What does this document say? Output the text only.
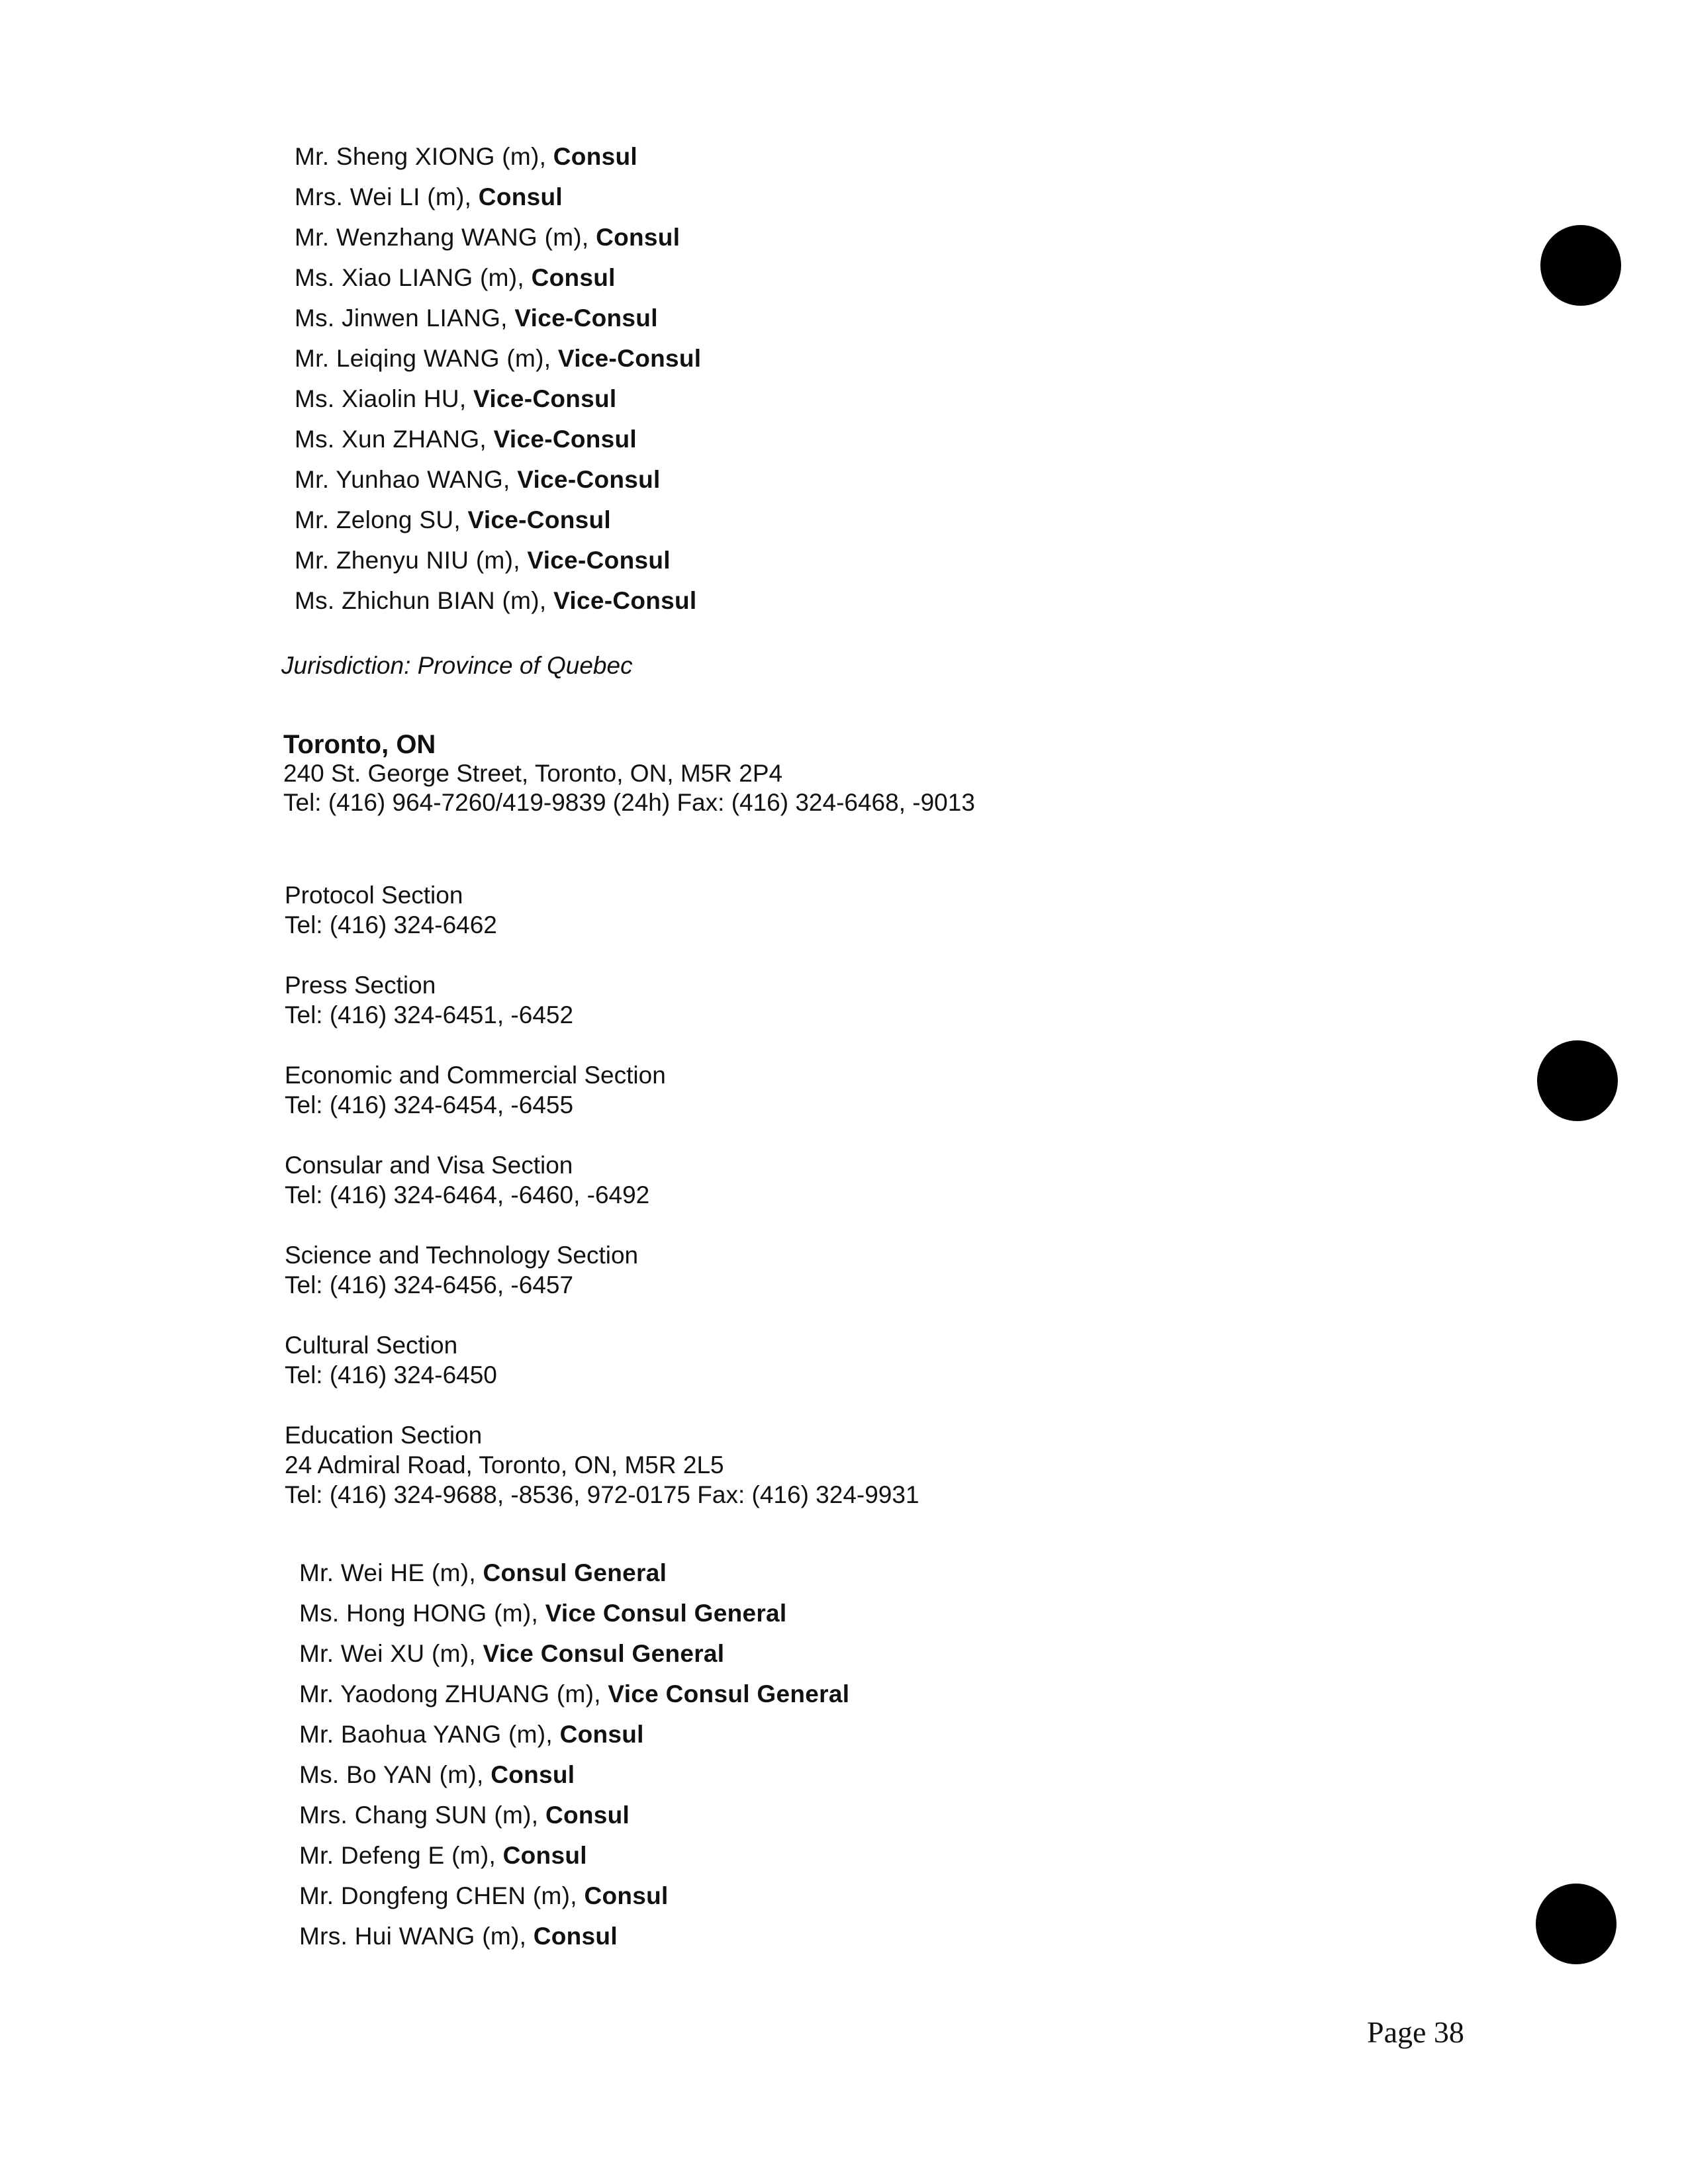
Mr. Sheng XIONG (m), Consul
Mrs. Wei LI (m), Consul
Mr. Wenzhang WANG (m), Consul
Ms. Xiao LIANG (m), Consul
Ms. Jinwen LIANG, Vice-Consul
Mr. Leiqing WANG (m), Vice-Consul
Ms. Xiaolin HU, Vice-Consul
Ms. Xun ZHANG, Vice-Consul
Mr. Yunhao WANG, Vice-Consul
Mr. Zelong SU, Vice-Consul
Mr. Zhenyu NIU (m), Vice-Consul
Ms. Zhichun BIAN (m), Vice-Consul
Jurisdiction: Province of Quebec
Toronto, ON
240 St. George Street, Toronto, ON, M5R 2P4
Tel: (416) 964-7260/419-9839 (24h) Fax: (416) 324-6468, -9013
Protocol Section
Tel: (416) 324-6462
Press Section
Tel: (416) 324-6451, -6452
Economic and Commercial Section
Tel: (416) 324-6454, -6455
Consular and Visa Section
Tel: (416) 324-6464, -6460, -6492
Science and Technology Section
Tel: (416) 324-6456, -6457
Cultural Section
Tel: (416) 324-6450
Education Section
24 Admiral Road, Toronto, ON, M5R 2L5
Tel: (416) 324-9688, -8536, 972-0175 Fax: (416) 324-9931
Mr. Wei HE (m), Consul General
Ms. Hong HONG (m), Vice Consul General
Mr. Wei XU (m), Vice Consul General
Mr. Yaodong ZHUANG (m), Vice Consul General
Mr. Baohua YANG (m), Consul
Ms. Bo YAN (m), Consul
Mrs. Chang SUN (m), Consul
Mr. Defeng E (m), Consul
Mr. Dongfeng CHEN (m), Consul
Mrs. Hui WANG (m), Consul
Page 38
